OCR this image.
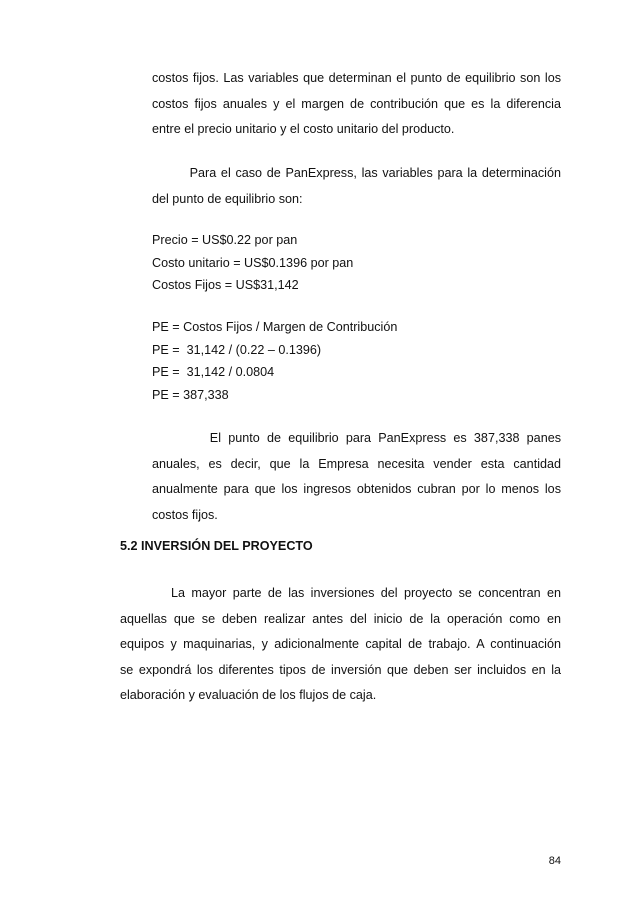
costos fijos. Las variables que determinan el punto de equilibrio son los
costos fijos anuales y el margen de contribución que es la diferencia
entre el precio unitario y el costo unitario del producto.

Para el caso de PanExpress, las variables para la determinación
del punto de equilibrio son:

Precio = US$0.22 por pan
Costo unitario = US$0.1396 por pan
Costos Fijos = US$31,142
PE = Costos Fijos / Margen de Contribución
PE =  31,142 / (0.22 – 0.1396)
PE =  31,142 / 0.0804
PE = 387,338

El punto de equilibrio para PanExpress es 387,338 panes
anuales, es decir, que la Empresa necesita vender esta cantidad
anualmente para que los ingresos obtenidos cubran por lo menos los
costos fijos.

5.2 INVERSIÓN DEL PROYECTO

La mayor parte de las inversiones del proyecto se concentran en
aquellas que se deben realizar antes del inicio de la operación como en
equipos y maquinarias, y adicionalmente capital de trabajo. A continuación
se expondrá los diferentes tipos de inversión que deben ser incluidos en la
elaboración y evaluación de los flujos de caja.

84
